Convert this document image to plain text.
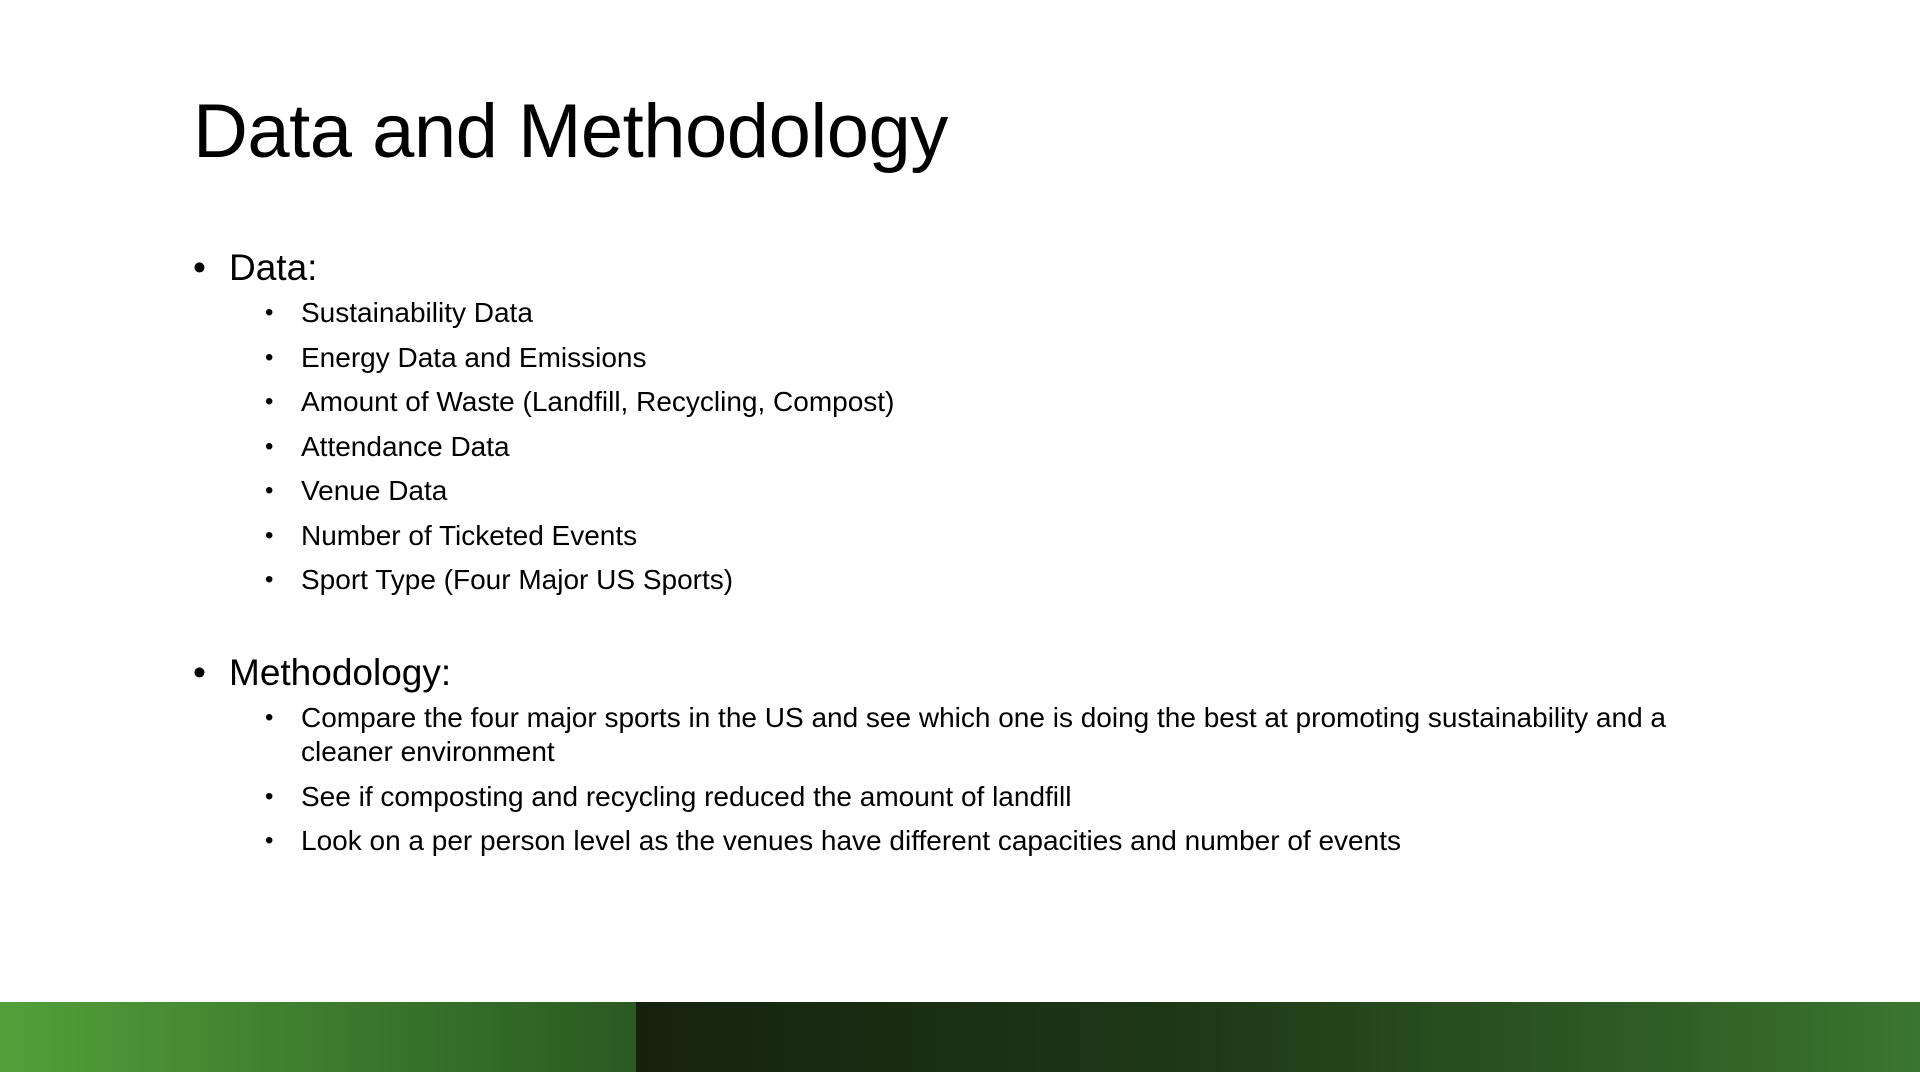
Data and Methodology
• Data:
• Sustainability Data
• Energy Data and Emissions
• Amount of Waste (Landfill, Recycling, Compost)
• Attendance Data
• Venue Data
• Number of Ticketed Events
• Sport Type (Four Major US Sports)
• Methodology:
• Compare the four major sports in the US and see which one is doing the best at promoting sustainability and a cleaner environment
• See if composting and recycling reduced the amount of landfill
• Look on a per person level as the venues have different capacities and number of events
